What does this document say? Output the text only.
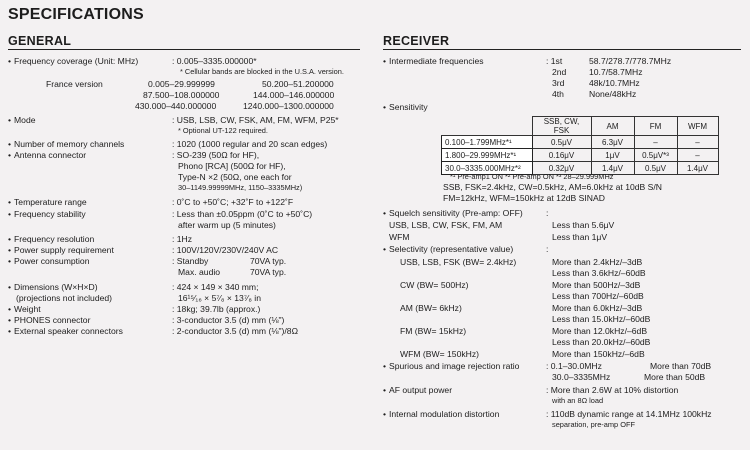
SPECIFICATIONS
GENERAL
• Frequency coverage (Unit: MHz)	: 0.005–3335.000000*
* Cellular bands are blocked in the U.S.A. version.
France version	0.005–29.999999	50.200–51.200000
87.500–108.000000	144.000–146.000000
430.000–440.000000	1240.000–1300.000000
• Mode	: USB, LSB, CW, FSK, AM, FM, WFM, P25*
* Optional UT-122 required.
• Number of memory channels	: 1020 (1000 regular and 20 scan edges)
• Antenna connector	: SO-239 (50Ω for HF),
Phono [RCA] (500Ω for HF),
Type-N ×2 (50Ω, one each for
30–1149.99999MHz, 1150–3335MHz)
• Temperature range	: 0˚C to +50˚C; +32˚F to +122˚F
• Frequency stability	: Less than ±0.05ppm (0˚C to +50˚C)
after warm up (5 minutes)
• Frequency resolution	: 1Hz
• Power supply requirement	: 100V/120V/230V/240V AC
• Power consumption	: Standby	70VA typ.
Max. audio	70VA typ.
• Dimensions (W×H×D)
(projections not included)
: 424 × 149 × 340 mm;
16¹⁵⁄₁₆ × 5⁷⁄₈ × 13⁷⁄₈ in
• Weight	: 18kg; 39.7lb (approx.)
• PHONES connector	: 3-conductor 3.5 (d) mm (⅛")
• External speaker connectors	: 2-conductor 3.5 (d) mm (⅛")/8Ω
RECEIVER
• Intermediate frequencies	: 1st	58.7/278.7/778.7MHz
2nd	10.7/58.7MHz
3rd	48k/10.7MHz
4th	None/48kHz
• Sensitivity
	SSB, CW, FSK	AM	FM	WFM
0.100–1.799MHz*¹	0.5μV	6.3μV	–	–
1.800–29.999MHz*¹	0.16μV	1μV	0.5μV*³	–
30.0–3335.000MHz*²	0.32μV	1.4μV	0.5μV	1.4μV
*¹ Pre-amp1 ON *² Pre-amp ON *³ 28–29.999MHz
SSB, FSK=2.4kHz, CW=0.5kHz, AM=6.0kHz at 10dB S/N
FM=12kHz, WFM=150kHz at 12dB SINAD
• Squelch sensitivity (Pre-amp: OFF)	:
USB, LSB, CW, FSK, FM, AM	Less than 5.6μV
WFM	Less than 1μV
• Selectivity (representative value)	:
USB, LSB, FSK (BW= 2.4kHz)	More than 2.4kHz/–3dB
Less than 3.6kHz/–60dB
CW (BW= 500Hz)	More than 500Hz/–3dB
Less than 700Hz/–60dB
AM (BW= 6kHz)	More than 6.0kHz/–3dB
Less than 15.0kHz/–60dB
FM (BW= 15kHz)	More than 12.0kHz/–6dB
Less than 20.0kHz/–60dB
WFM (BW= 150kHz)	More than 150kHz/–6dB
• Spurious and image rejection ratio	: 0.1–30.0MHz	More than 70dB
30.0–3335MHz	More than 50dB
• AF output power	: More than 2.6W at 10% distortion
with an 8Ω load
• Internal modulation distortion	: 110dB dynamic range at 14.1MHz 100kHz
separation, pre-amp OFF
